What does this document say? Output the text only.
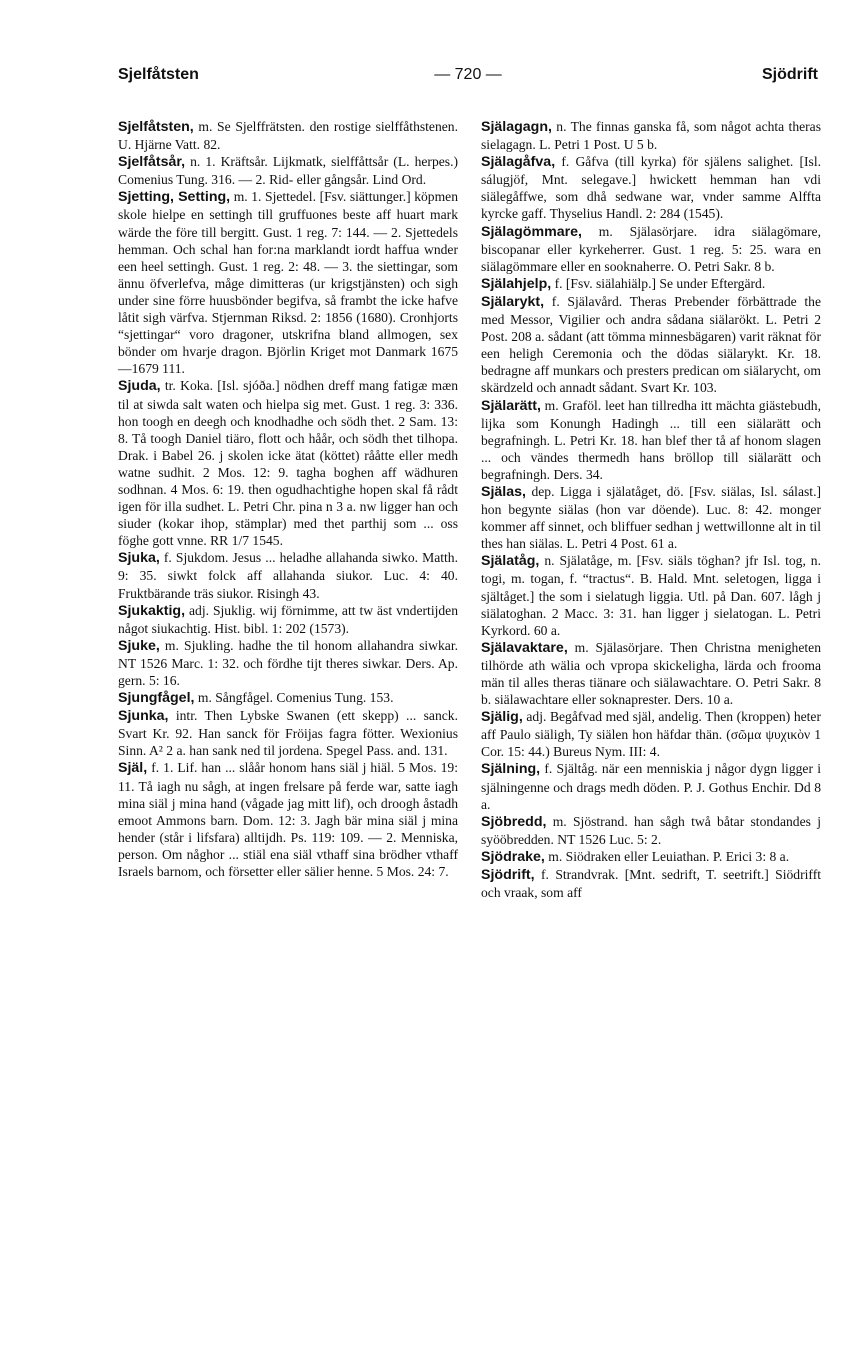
Sjelfåtsten	— 720 —	Sjödrift

Sjelfåtsten, m. Se Sjelffrätsten. den rostige sielffåthstenen. U. Hjärne Vatt. 82.

Sjelfåtsår, n. 1. Kräftsår. Lijkmatk, sielffåttsår (L. herpes.) Comenius Tung. 316. — 2. Rid- eller gångsår. Lind Ord.

Sjetting, Setting, m. 1. Sjettedel. [Fsv. siättunger.] köpmen skole hielpe en settingh till gruffuones beste aff huart mark wärde the före till bergitt. Gust. 1 reg. 7: 144. — 2. Sjettedels hemman. Och schal han for:na marklandt iordt haffua wnder een heel settingh. Gust. 1 reg. 2: 48. — 3. the siettingar, som ännu öfverlefva, måge dimitteras (ur krigstjänsten) och sigh under sine förre huusbönder begifva, så frambt the icke hafve låtit sigh värfva. Stjernman Riksd. 2: 1856 (1680). Cronhjorts “sjettingar“ voro dragoner, utskrifna bland allmogen, sex bönder om hvarje dragon. Björlin Kriget mot Danmark 1675—1679 111.

Sjuda, tr. Koka. [Isl. sjóða.] nödhen dreff mang fatigæ mæn til at siwda salt waten och hielpa sig met. Gust. 1 reg. 3: 336. hon toogh en deegh och knodhadhe och södh thet. 2 Sam. 13: 8. Tå toogh Daniel tiäro, flott och håår, och södh thet tilhopa. Drak. i Babel 26. j skolen icke ätat (köttet) rååtte eller medh watne sudhit. 2 Mos. 12: 9. tagha boghen aff wädhuren sodhnan. 4 Mos. 6: 19. then ogudhachtighe hopen skal få rådt igen för illa sudhet. L. Petri Chr. pina n 3 a. nw ligger han och siuder (kokar ihop, stämplar) med thet parthij som ... oss föghe gott vnne. RR 1/7 1545.

Sjuka, f. Sjukdom. Jesus ... heladhe allahanda siwko. Matth. 9: 35. siwkt folck aff allahanda siukor. Luc. 4: 40. Fruktbärande träs siukor. Risingh 43.

Sjukaktig, adj. Sjuklig. wij förnimme, att tw äst vndertijden något siukachtig. Hist. bibl. 1: 202 (1573).

Sjuke, m. Sjukling. hadhe the til honom allahandra siwkar. NT 1526 Marc. 1: 32. och fördhe tijt theres siwkar. Ders. Ap. gern. 5: 16.

Sjungfågel, m. Sångfågel. Comenius Tung. 153.

Sjunka, intr. Then Lybske Swanen (ett skepp) ... sanck. Svart Kr. 92. Han sanck för Fröijas fagra fötter. Wexionius Sinn. A² 2 a. han sank ned til jordena. Spegel Pass. and. 131.

Själ, f. 1. Lif. han ... slåår honom hans siäl j hiäl. 5 Mos. 19: 11. Tå iagh nu sågh, at ingen frelsare på ferde war, satte iagh mina siäl j mina hand (vågade jag mitt lif), och droogh åstadh emoot Ammons barn. Dom. 12: 3. Jagh bär mina siäl j mina hender (står i lifsfara) alltijdh. Ps. 119: 109. — 2. Menniska, person. Om någhor ... stiäl ena siäl vthaff sina brödher vthaff Israels barnom, och försetter eller sälier henne. 5 Mos. 24: 7.

Själagagn, n. The finnas ganska få, som något achta theras sielagagn. L. Petri 1 Post. U 5 b.

Själagåfva, f. Gåfva (till kyrka) för själens salighet. [Isl. sálugjöf, Mnt. selegave.] hwickett hemman han vdi siälegåffwe, som dhå sedwane war, vnder samme Alffta kyrcke gaff. Thyselius Handl. 2: 284 (1545).

Själagömmare, m. Själasörjare. idra siälagömare, biscopanar eller kyrkeherrer. Gust. 1 reg. 5: 25. wara en siälagömmare eller en sooknaherre. O. Petri Sakr. 8 b.

Själahjelp, f. [Fsv. siälahiälp.] Se under Eftergärd.

Själarykt, f. Själavård. Theras Prebender förbättrade the med Messor, Vigilier och andra sådana siälarökt. L. Petri 2 Post. 208 a. sådant (att tömma minnesbägaren) varit räknat för een heligh Ceremonia och the dödas siälarykt. Kr. 18. bedragne aff munkars och presters predican om siälarycht, om skärdzeld och annadt sådant. Svart Kr. 103.

Själarätt, m. Graföl. leet han tillredha itt mächta giästebudh, lijka som Konungh Hadingh ... till een siälarätt och begrafningh. L. Petri Kr. 18. han blef ther tå af honom slagen ... och vändes thermedh hans bröllop till siälarätt och begrafningh. Ders. 34.

Själas, dep. Ligga i själatåget, dö. [Fsv. siälas, Isl. sálast.] hon begynte siälas (hon var döende). Luc. 8: 42. monger kommer aff sinnet, och bliffuer sedhan j wettwillonne alt in til thes han siälas. L. Petri 4 Post. 61 a.

Själatåg, n. Själatåge, m. [Fsv. siäls töghan? jfr Isl. tog, n. togi, m. togan, f. “tractus“. B. Hald. Mnt. seletogen, ligga i själtåget.] the som i sielatugh liggia. Utl. på Dan. 607. lågh j siälatoghan. 2 Macc. 3: 31. han ligger j sielatogan. L. Petri Kyrkord. 60 a.

Själavaktare, m. Själasörjare. Then Christna menigheten tilhörde ath wälia och vpropa skickeligha, lärda och frooma män til alles theras tiänare och siälawachtare. O. Petri Sakr. 8 b. siälawachtare eller soknaprester. Ders. 10 a.

Själig, adj. Begåfvad med själ, andelig. Then (kroppen) heter aff Paulo siäligh, Ty siälen hon häfdar thän. (σῶμα ψυχικὸν 1 Cor. 15: 44.) Bureus Nym. III: 4.

Själning, f. Själtåg. när een menniskia j någor dygn ligger i själningenne och drags medh döden. P. J. Gothus Enchir. Dd 8 a.

Sjöbredd, m. Sjöstrand. han sågh twå båtar stondandes j syööbredden. NT 1526 Luc. 5: 2.

Sjödrake, m. Siödraken eller Leuiathan. P. Erici 3: 8 a.

Sjödrift, f. Strandvrak. [Mnt. sedrift, T. seetrift.] Siödrifft och vraak, som aff
